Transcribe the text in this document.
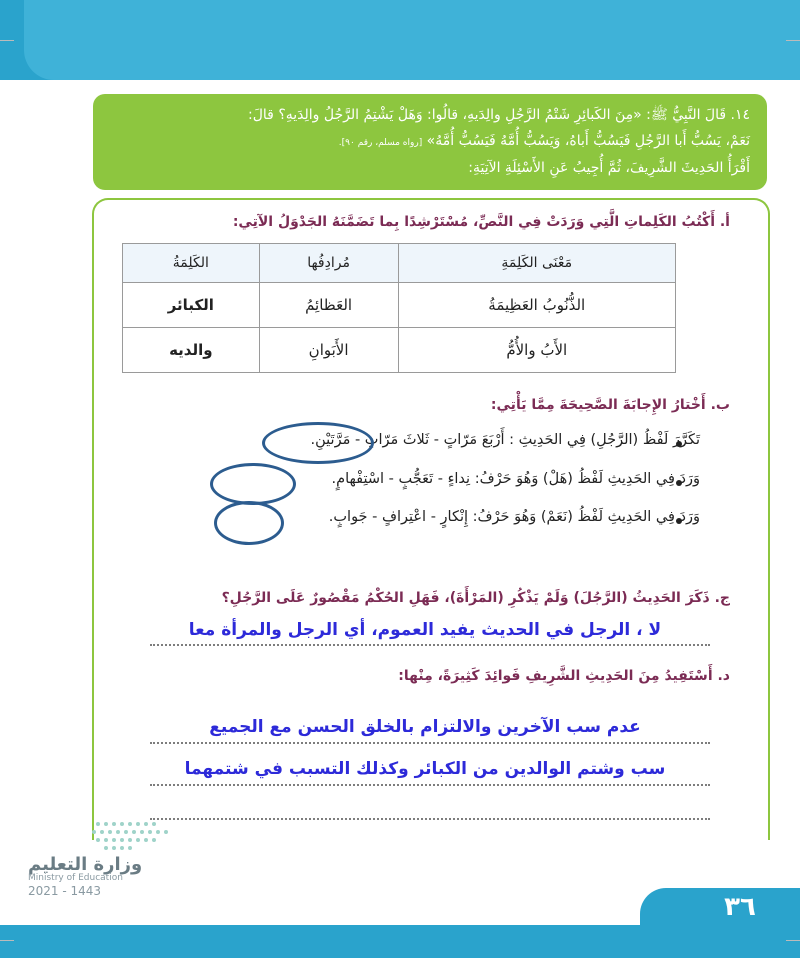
١٤. قَالَ النَّبِيُّ ﷺ: «مِنَ الكَبائِرِ شَتْمُ الرَّجُلِ والِدَيهِ، قالُوا: وَهَلْ يَشْتِمُ الرَّجُلُ والِدَيهِ؟ قالَ:
نَعَمْ، يَسُبُّ أَبا الرَّجُلِ فَيَسُبُّ أَباهُ، وَيَسُبُّ أُمَّهُ فَيَسُبُّ أُمَّهُ» [رواه مسلم، رقم ٩٠].
أَقْرَأُ الحَدِيثَ الشَّرِيفَ، ثُمَّ أُجِيبُ عَنِ الأَسْئِلَةِ الآتِيَةِ:
أ. أَكْتُبُ الكَلِماتِ الَّتِي وَرَدَتْ فِي النَّصِّ، مُسْتَرْشِدًا بِما تَضَمَّنَهُ الجَدْوَلُ الآتِي:
مَعْنَى الكَلِمَةِ	مُرادِفُها	الكَلِمَةُ
الذُّنُوبُ العَظِيمَةُ	العَظائِمُ	الكبائر
الأَبُ والأُمُّ	الأَبَوانِ	والديه
ب. أَخْتارُ الإِجابَةَ الصَّحِيحَةَ مِمَّا يَأْتِي:
تَكَرَّرَ لَفْظُ (الرَّجُلِ) فِي الحَدِيثِ : أَرْبَعَ مَرّاتٍ - ثَلاثَ مَرّاتٍ - مَرَّتَيْنِ.
وَرَدَ فِي الحَدِيثِ لَفْظُ (هَلْ) وَهُوَ حَرْفُ: نِداءٍ - تَعَجُّبٍ - اسْتِفْهامٍ.
وَرَدَ فِي الحَدِيثِ لَفْظُ (نَعَمْ) وَهُوَ حَرْفُ: إِنْكارٍ - اعْتِرافٍ - جَوابٍ.
ج. ذَكَرَ الحَدِيثُ (الرَّجُلَ) وَلَمْ يَذْكُرِ (المَرْأَةَ)، فَهَلِ الحُكْمُ مَقْصُورٌ عَلَى الرَّجُلِ؟
لا ، الرجل في الحديث يفيد العموم، أي الرجل والمرأة معا
د. أَسْتَفِيدُ مِنَ الحَدِيثِ الشَّرِيفِ فَوائِدَ كَثِيرَةً، مِنْها:
عدم سب الآخرين والالتزام بالخلق الحسن مع الجميع
سب وشتم الوالدين من الكبائر وكذلك التسبب في شتمهما
وزارة التعليم
Ministry of Education
2021 - 1443
٣٦
